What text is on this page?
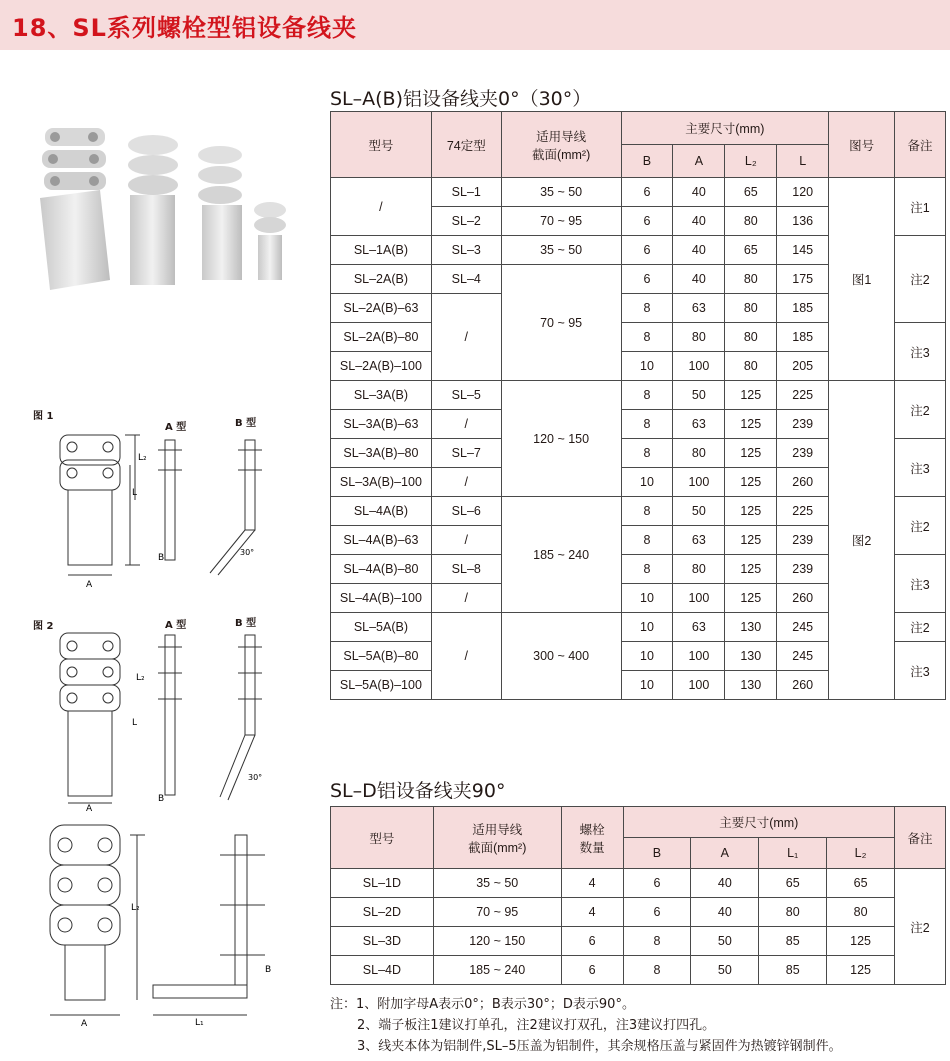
18、SL系列螺栓型铝设备线夹
图 1
A 型	B 型
L₂
L
A
B
30°
图 2	A 型	B 型
L₂
L
A
B
30°
A
L₂
L₁
B
SL–A(B)铝设备线夹0°（30°）
型号	74定型	适用导线
截面(mm²)	主要尺寸(mm)				图号	备注
			B	A	L₂	L		
/	SL–1	35 ~ 50	6	40	65	120	图1	注1
	SL–2	70 ~ 95	6	40	80	136		
SL–1A(B)	SL–3	35 ~ 50	6	40	65	145		注2
SL–2A(B)	SL–4	70 ~ 95	6	40	80	175		
SL–2A(B)–63	/		8	63	80	185		
SL–2A(B)–80			8	80	80	185		注3
SL–2A(B)–100			10	100	80	205		
SL–3A(B)	SL–5	120 ~ 150	8	50	125	225	图2	注2
SL–3A(B)–63	/		8	63	125	239		
SL–3A(B)–80	SL–7		8	80	125	239		注3
SL–3A(B)–100	/		10	100	125	260		
SL–4A(B)	SL–6	185 ~ 240	8	50	125	225		注2
SL–4A(B)–63	/		8	63	125	239		
SL–4A(B)–80	SL–8		8	80	125	239		注3
SL–4A(B)–100	/		10	100	125	260		
SL–5A(B)	/	300 ~ 400	10	63	130	245		注2
SL–5A(B)–80			10	100	130	245		注3
SL–5A(B)–100			10	100	130	260		
SL–D铝设备线夹90°
型号	适用导线
截面(mm²)	螺栓
数量	主要尺寸(mm)				备注
			B	A	L₁	L₂	
SL–1D	35 ~ 50	4	6	40	65	65	注2
SL–2D	70 ~ 95	4	6	40	80	80	
SL–3D	120 ~ 150	6	8	50	85	125	
SL–4D	185 ~ 240	6	8	50	85	125	
注：1、附加字母A表示0°；B表示30°；D表示90°。
2、端子板注1建议打单孔，注2建议打双孔，注3建议打四孔。
3、线夹本体为铝制件,SL–5压盖为铝制件，其余规格压盖与紧固件为热镀锌钢制件。
